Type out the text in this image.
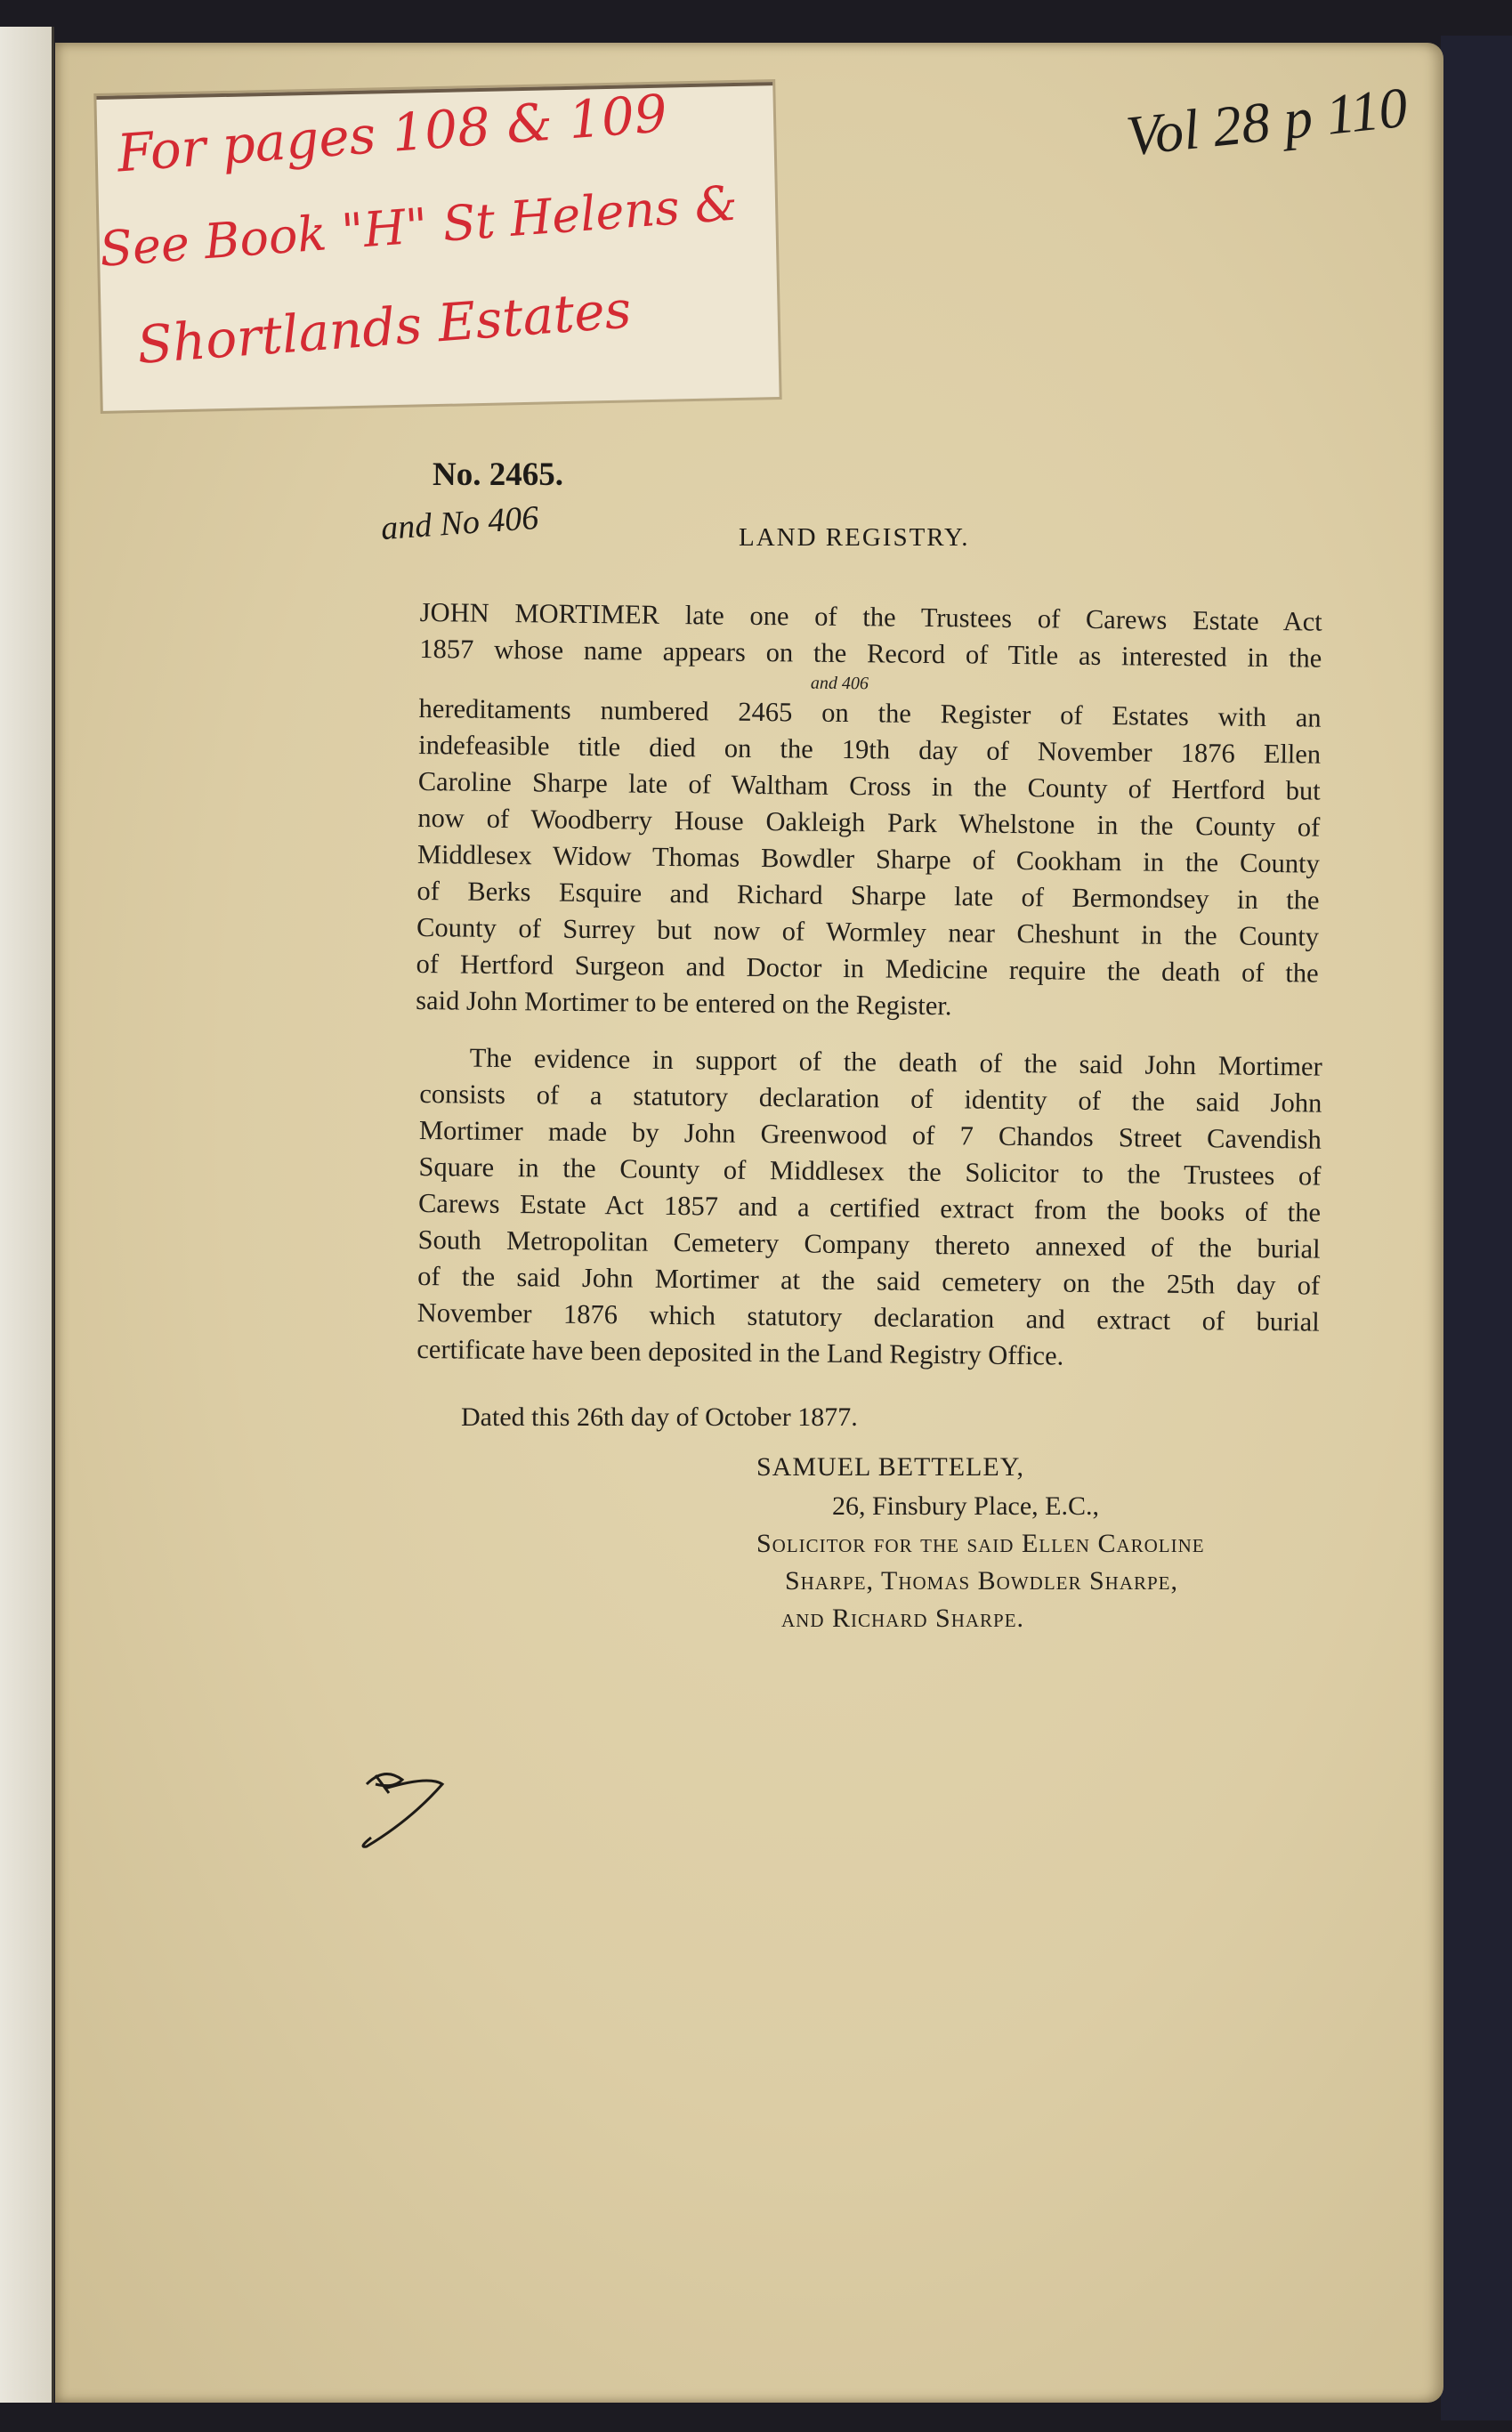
For pages 108 & 109
See Book "H" St Helens &
Shortlands Estates
Vol 28 p 110
No. 2465.
and No 406	LAND REGISTRY.
JOHN MORTIMER late one of the Trustees of Carews Estate Act
1857 whose name appears on the Record of Title as interested in the
hereditaments numbered 2465 on the Register of Estates with an
indefeasible title died on the 19th day of November 1876 Ellen
Caroline Sharpe late of Waltham Cross in the County of Hertford but
now of Woodberry House Oakleigh Park Whelstone in the County of
Middlesex Widow Thomas Bowdler Sharpe of Cookham in the County
of Berks Esquire and Richard Sharpe late of Bermondsey in the
County of Surrey but now of Wormley near Cheshunt in the County
of Hertford Surgeon and Doctor in Medicine require the death of the
said John Mortimer to be entered on the Register.
and 406
The evidence in support of the death of the said John Mortimer
consists of a statutory declaration of identity of the said John
Mortimer made by John Greenwood of 7 Chandos Street Cavendish
Square in the County of Middlesex the Solicitor to the Trustees of
Carews Estate Act 1857 and a certified extract from the books of the
South Metropolitan Cemetery Company thereto annexed of the burial
of the said John Mortimer at the said cemetery on the 25th day of
November 1876 which statutory declaration and extract of burial
certificate have been deposited in the Land Registry Office.
Dated this 26th day of October 1877.
SAMUEL BETTELEY,
26, Finsbury Place, E.C.,
Solicitor for the said Ellen Caroline
Sharpe, Thomas Bowdler Sharpe,
and Richard Sharpe.
